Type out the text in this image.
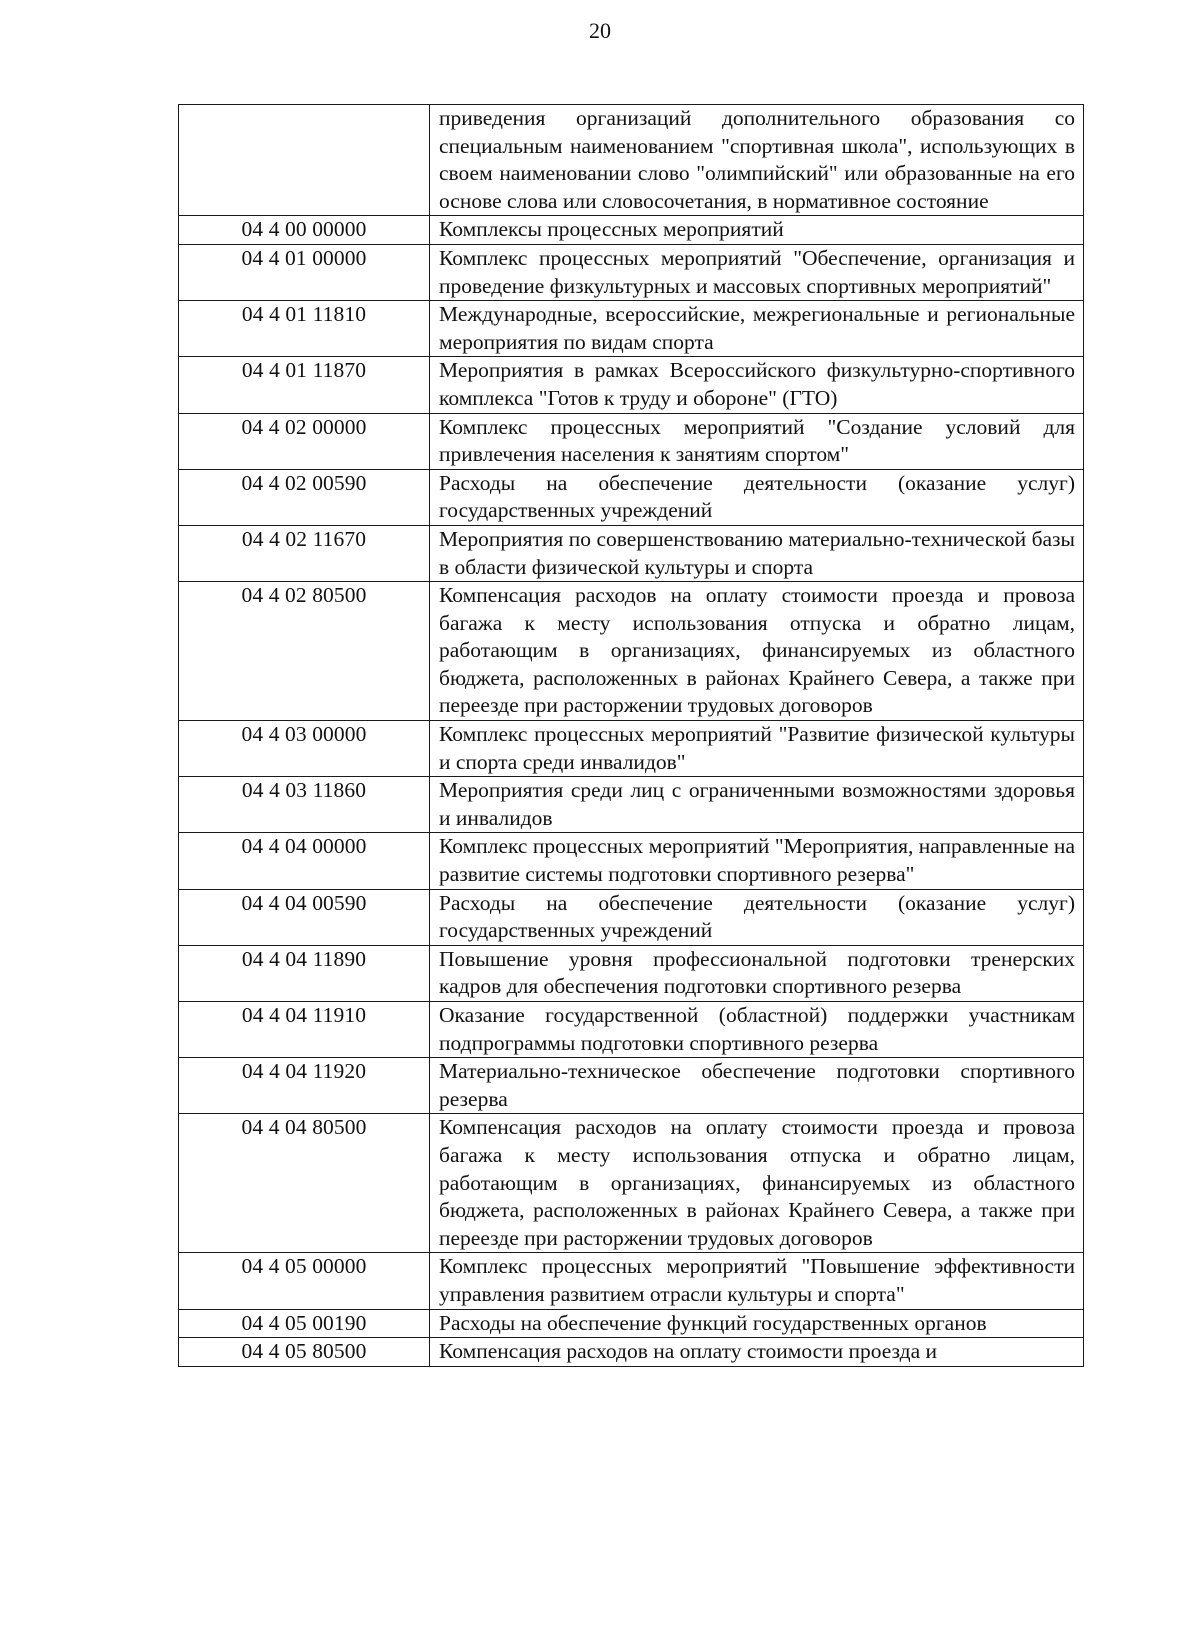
20
	приведения организаций дополнительного образования со специальным наименованием "спортивная школа", использующих в своем наименовании слово "олимпийский" или образованные на его основе слова или словосочетания, в нормативное состояние
04 4 00 00000	Комплексы процессных мероприятий
04 4 01 00000	Комплекс процессных мероприятий "Обеспечение, организация и проведение физкультурных и массовых спортивных мероприятий"
04 4 01 11810	Международные, всероссийские, межрегиональные и региональные мероприятия по видам спорта
04 4 01 11870	Мероприятия в рамках Всероссийского физкультурно-спортивного комплекса "Готов к труду и обороне" (ГТО)
04 4 02 00000	Комплекс процессных мероприятий "Создание условий для привлечения населения к занятиям спортом"
04 4 02 00590	Расходы на обеспечение деятельности (оказание услуг) государственных учреждений
04 4 02 11670	Мероприятия по совершенствованию материально-технической базы в области физической культуры и спорта
04 4 02 80500	Компенсация расходов на оплату стоимости проезда и провоза багажа к месту использования отпуска и обратно лицам, работающим в организациях, финансируемых из областного бюджета, расположенных в районах Крайнего Севера, а также при переезде при расторжении трудовых договоров
04 4 03 00000	Комплекс процессных мероприятий "Развитие физической культуры и спорта среди инвалидов"
04 4 03 11860	Мероприятия среди лиц с ограниченными возможностями здоровья и инвалидов
04 4 04 00000	Комплекс процессных мероприятий "Мероприятия, направленные на развитие системы подготовки спортивного резерва"
04 4 04 00590	Расходы на обеспечение деятельности (оказание услуг) государственных учреждений
04 4 04 11890	Повышение уровня профессиональной подготовки тренерских кадров для обеспечения подготовки спортивного резерва
04 4 04 11910	Оказание государственной (областной) поддержки участникам подпрограммы подготовки спортивного резерва
04 4 04 11920	Материально-техническое обеспечение подготовки спортивного резерва
04 4 04 80500	Компенсация расходов на оплату стоимости проезда и провоза багажа к месту использования отпуска и обратно лицам, работающим в организациях, финансируемых из областного бюджета, расположенных в районах Крайнего Севера, а также при переезде при расторжении трудовых договоров
04 4 05 00000	Комплекс процессных мероприятий "Повышение эффективности управления развитием отрасли культуры и спорта"
04 4 05 00190	Расходы на обеспечение функций государственных органов
04 4 05 80500	Компенсация расходов на оплату стоимости проезда и
